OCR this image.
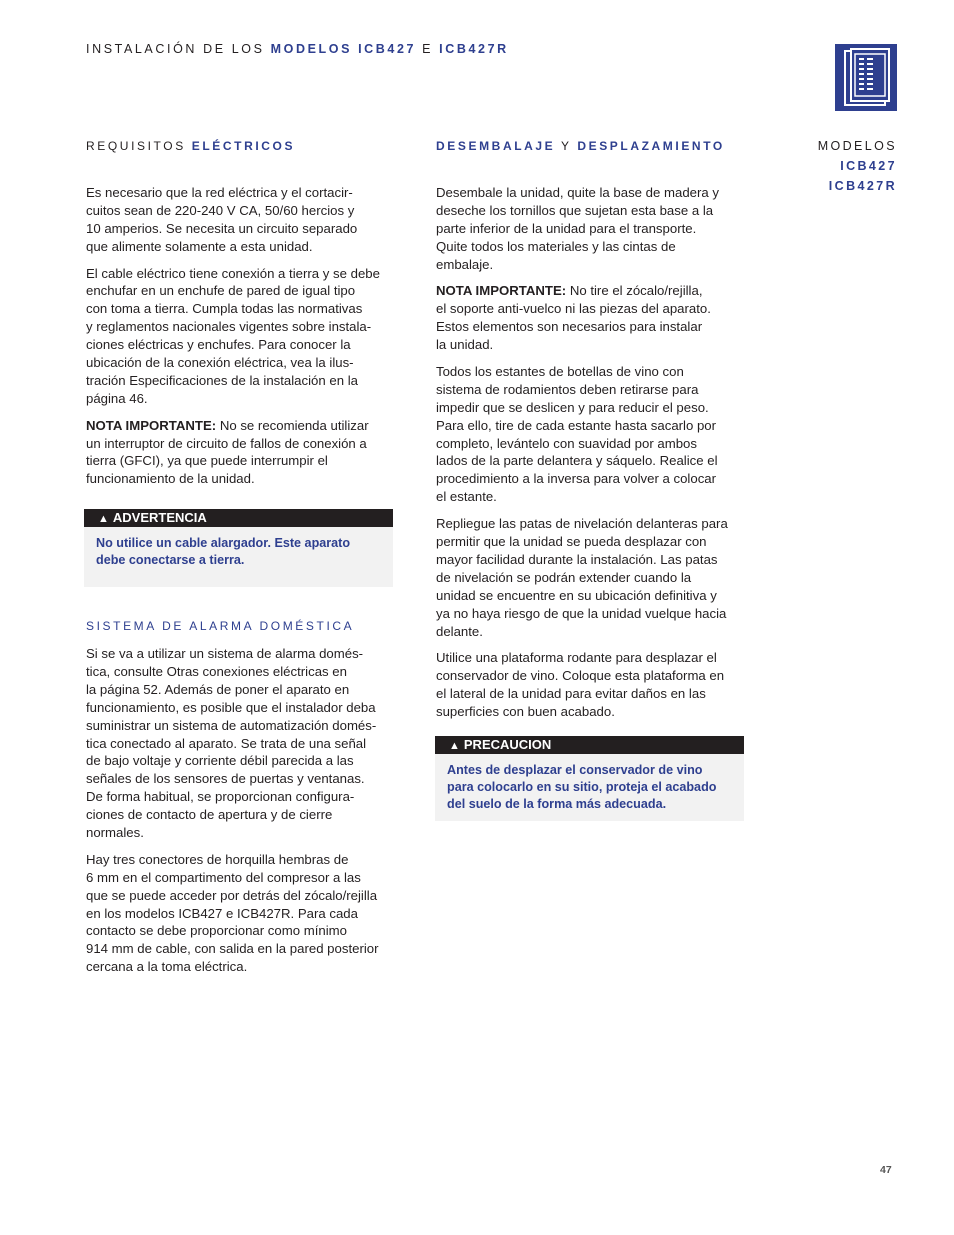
INSTALACIÓN DE LOS MODELOS ICB427 E ICB427R
MODELOS
ICB427
ICB427R
REQUISITOS ELÉCTRICOS
Es necesario que la red eléctrica y el cortacir-
cuitos sean de 220-240 V CA, 50/60 hercios y
10 amperios. Se necesita un circuito separado
que alimente solamente a esta unidad.
El cable eléctrico tiene conexión a tierra y se debe
enchufar en un enchufe de pared de igual tipo
con toma a tierra. Cumpla todas las normativas
y reglamentos nacionales vigentes sobre instala-
ciones eléctricas y enchufes. Para conocer la
ubicación de la conexión eléctrica, vea la ilus-
tración Especificaciones de la instalación en la
página 46.
NOTA IMPORTANTE: No se recomienda utilizar
un interruptor de circuito de fallos de conexión a
tierra (GFCI), ya que puede interrumpir el
funcionamiento de la unidad.
▲ ADVERTENCIA
No utilice un cable alargador. Este aparato
debe conectarse a tierra.
SISTEMA DE ALARMA DOMÉSTICA
Si se va a utilizar un sistema de alarma domés-
tica, consulte Otras conexiones eléctricas en
la página 52. Además de poner el aparato en
funcionamiento, es posible que el instalador deba
suministrar un sistema de automatización domés-
tica conectado al aparato. Se trata de una señal
de bajo voltaje y corriente débil parecida a las
señales de los sensores de puertas y ventanas.
De forma habitual, se proporcionan configura-
ciones de contacto de apertura y de cierre
normales.
Hay tres conectores de horquilla hembras de
6 mm en el compartimento del compresor a las
que se puede acceder por detrás del zócalo/rejilla
en los modelos ICB427 e ICB427R. Para cada
contacto se debe proporcionar como mínimo
914 mm de cable, con salida en la pared posterior
cercana a la toma eléctrica.
DESEMBALAJE Y DESPLAZAMIENTO
Desembale la unidad, quite la base de madera y
deseche los tornillos que sujetan esta base a la
parte inferior de la unidad para el transporte.
Quite todos los materiales y las cintas de
embalaje.
NOTA IMPORTANTE: No tire el zócalo/rejilla,
el soporte anti-vuelco ni las piezas del aparato.
Estos elementos son necesarios para instalar
la unidad.
Todos los estantes de botellas de vino con
sistema de rodamientos deben retirarse para
impedir que se deslicen y para reducir el peso.
Para ello, tire de cada estante hasta sacarlo por
completo, levántelo con suavidad por ambos
lados de la parte delantera y sáquelo. Realice el
procedimiento a la inversa para volver a colocar
el estante.
Repliegue las patas de nivelación delanteras para
permitir que la unidad se pueda desplazar con
mayor facilidad durante la instalación. Las patas
de nivelación se podrán extender cuando la
unidad se encuentre en su ubicación definitiva y
ya no haya riesgo de que la unidad vuelque hacia
delante.
Utilice una plataforma rodante para desplazar el
conservador de vino. Coloque esta plataforma en
el lateral de la unidad para evitar daños en las
superficies con buen acabado.
▲ PRECAUCION
Antes de desplazar el conservador de vino
para colocarlo en su sitio, proteja el acabado
del suelo de la forma más adecuada.
47
